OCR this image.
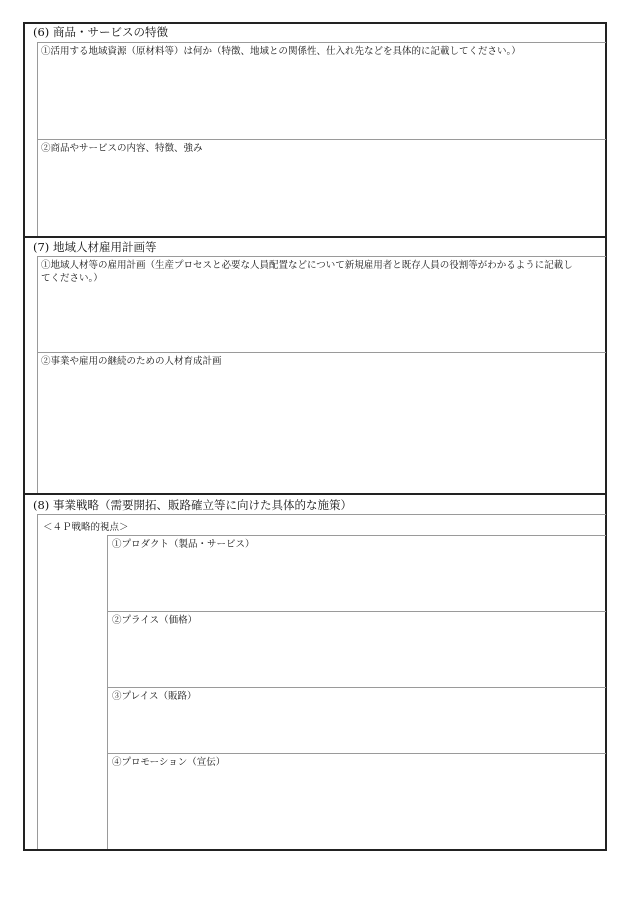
(6) 商品・サービスの特徴
①活用する地域資源（原材料等）は何か（特徴、地域との関係性、仕入れ先などを具体的に記載してください。）
②商品やサービスの内容、特徴、強み
(7) 地域人材雇用計画等
①地域人材等の雇用計画（生産プロセスと必要な人員配置などについて新規雇用者と既存人員の役割等がわかるように記載し
てください。）
②事業や雇用の継続のための人材育成計画
(8) 事業戦略（需要開拓、販路確立等に向けた具体的な施策）
＜４Ｐ戦略的視点＞
①プロダクト（製品・サービス）
②プライス（価格）
③プレイス（販路）
④プロモーション（宣伝）
